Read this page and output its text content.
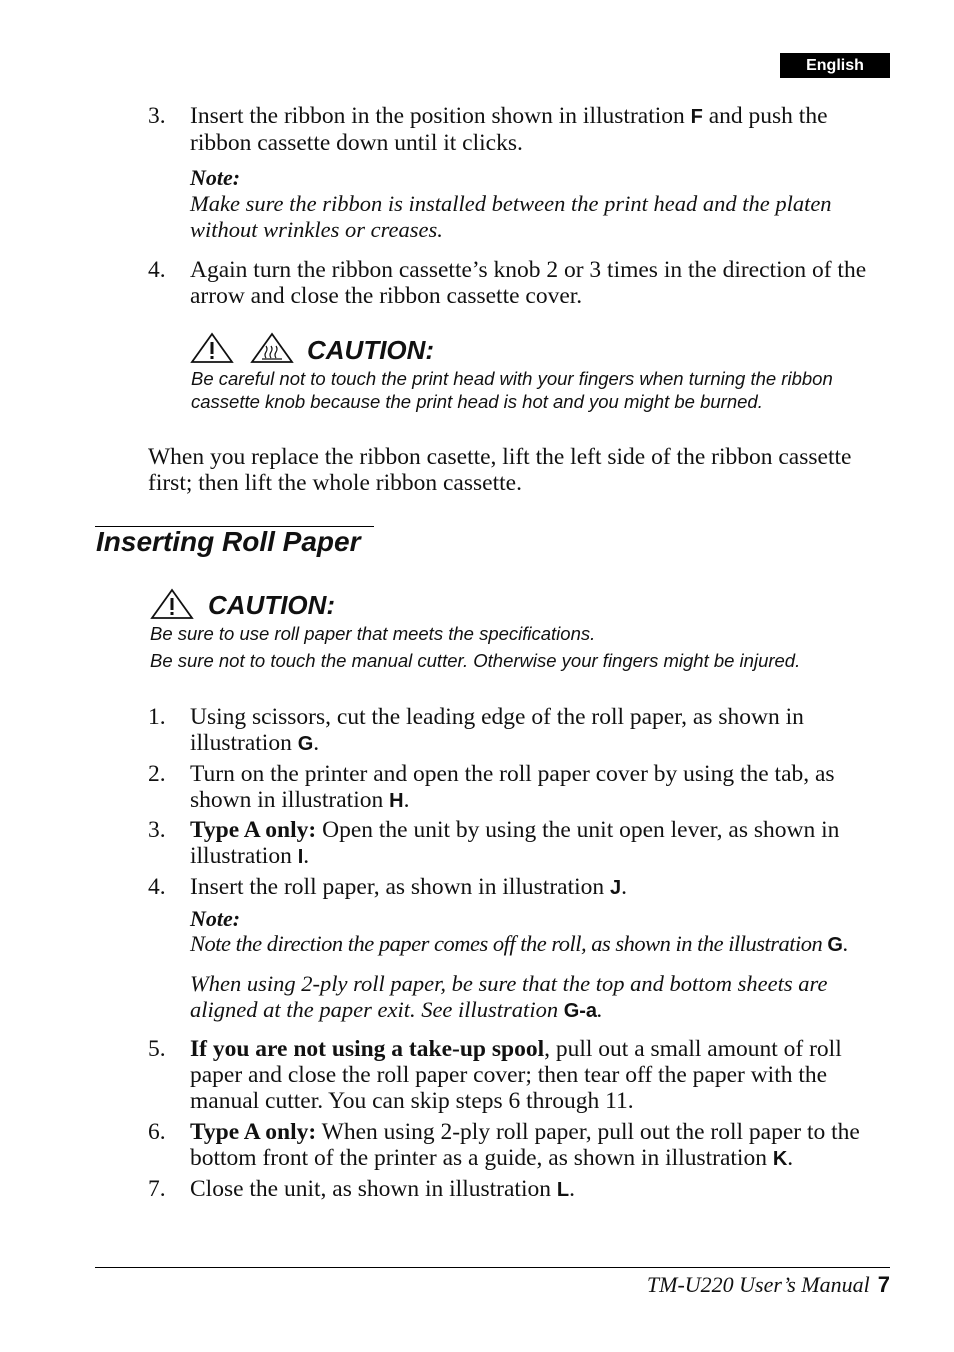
English
3. Insert the ribbon in the position shown in illustration F and push the ribbon cassette down until it clicks.
Note:
Make sure the ribbon is installed between the print head and the platen without wrinkles or creases.
4. Again turn the ribbon cassette’s knob 2 or 3 times in the direction of the arrow and close the ribbon cassette cover.
CAUTION:
Be careful not to touch the print head with your fingers when turning the ribbon cassette knob because the print head is hot and you might be burned.
When you replace the ribbon casette, lift the left side of the ribbon cassette first; then lift the whole ribbon cassette.
Inserting Roll Paper
CAUTION:
Be sure to use roll paper that meets the specifications.
Be sure not to touch the manual cutter. Otherwise your fingers might be injured.
1. Using scissors, cut the leading edge of the roll paper, as shown in illustration G.
2. Turn on the printer and open the roll paper cover by using the tab, as shown in illustration H.
3. Type A only: Open the unit by using the unit open lever, as shown in illustration I.
4. Insert the roll paper, as shown in illustration J.
Note:
Note the direction the paper comes off the roll, as shown in the illustration G.
When using 2-ply roll paper, be sure that the top and bottom sheets are aligned at the paper exit. See illustration G-a.
5. If you are not using a take-up spool, pull out a small amount of roll paper and close the roll paper cover; then tear off the paper with the manual cutter. You can skip steps 6 through 11.
6. Type A only: When using 2-ply roll paper, pull out the roll paper to the bottom front of the printer as a guide, as shown in illustration K.
7. Close the unit, as shown in illustration L.
TM-U220 User’s Manual 7
